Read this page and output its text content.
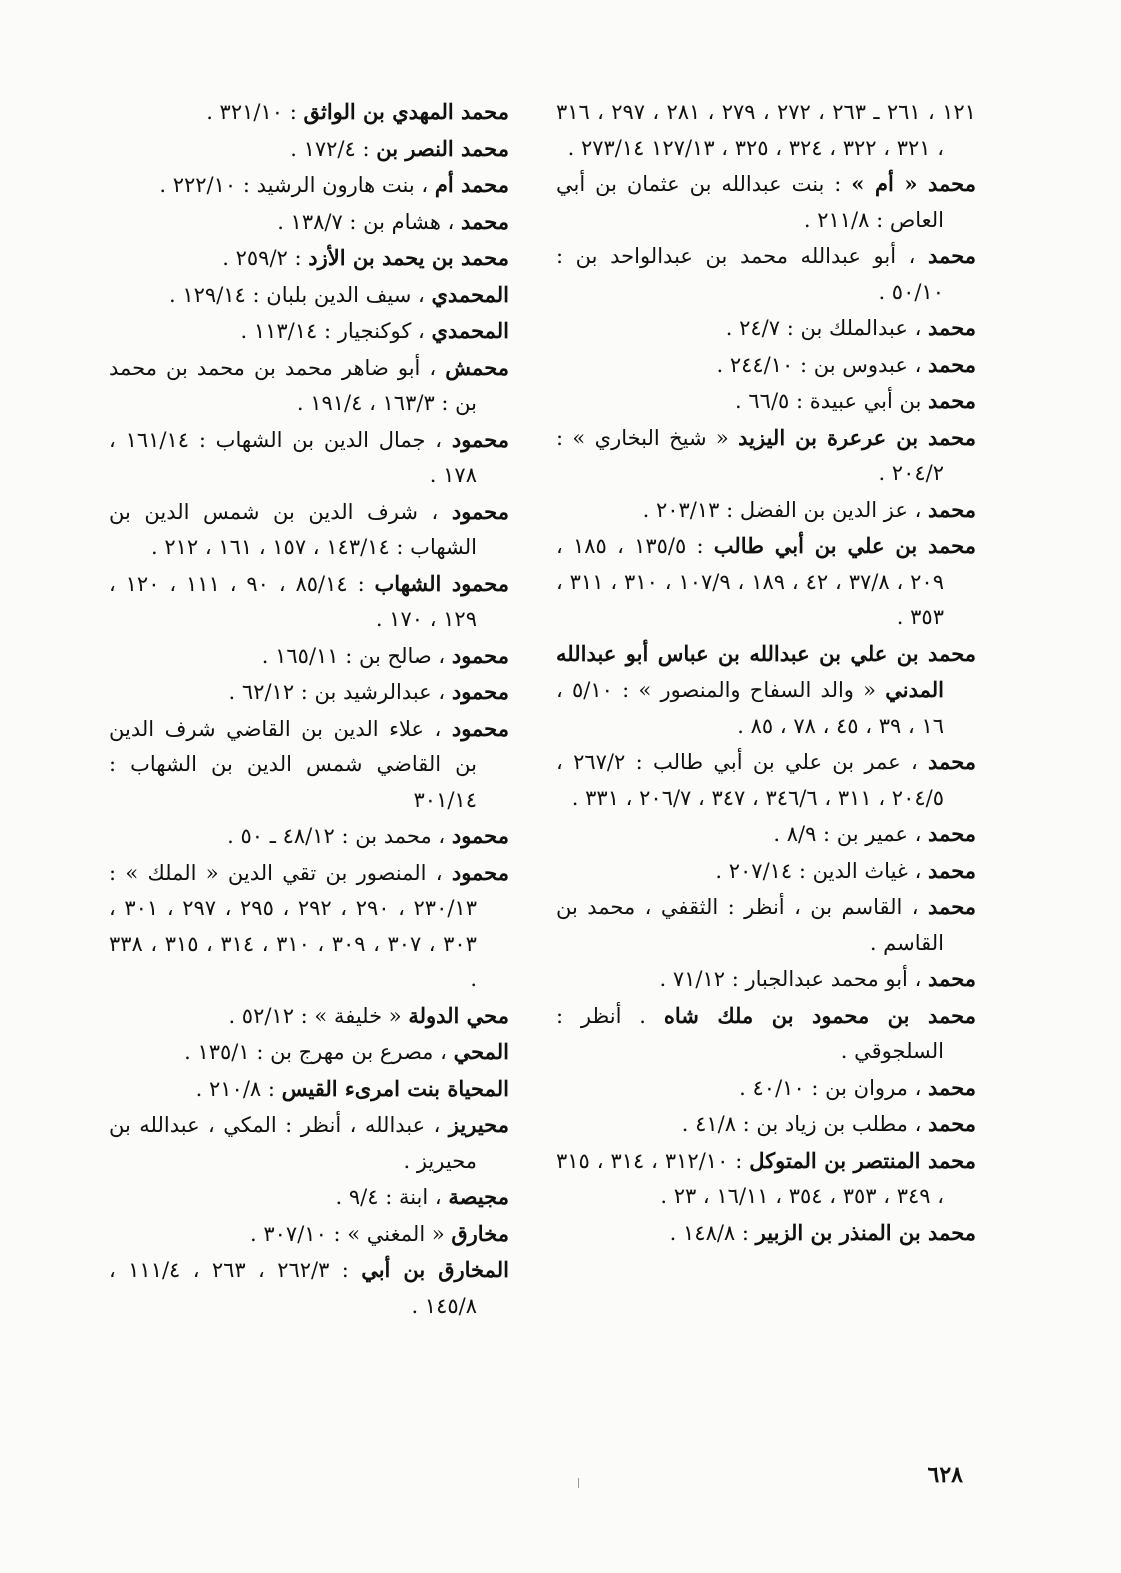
١٢١ ، ٢٦١ ـ ٢٦٣ ، ٢٧٢ ، ٢٧٩ ، ٢٨١ ، ٢٩٧ ، ٣١٦ ، ٣٢١ ، ٣٢٢ ، ٣٢٤ ، ٣٢٥ ، ١٢٧/١٣ ٢٧٣/١٤ .

محمد « أم » : بنت عبدالله بن عثمان بن أبي العاص : ٢١١/٨ .

محمد ، أبو عبدالله محمد بن عبدالواحد بن : ٥٠/١٠ .

محمد ، عبدالملك بن : ٢٤/٧ .

محمد ، عبدوس بن : ٢٤٤/١٠ .

محمد بن أبي عبيدة : ٦٦/٥ .

محمد بن عرعرة بن اليزيد « شيخ البخاري » : ٢٠٤/٢ .

محمد ، عز الدين بن الفضل : ٢٠٣/١٣ .

محمد بن علي بن أبي طالب : ١٣٥/٥ ، ١٨٥ ، ٢٠٩ ، ٣٧/٨ ، ٤٢ ، ١٨٩ ، ١٠٧/٩ ، ٣١٠ ، ٣١١ ، ٣٥٣ .

محمد بن علي بن عبدالله بن عباس أبو عبدالله المدني « والد السفاح والمنصور » : ٥/١٠ ، ١٦ ، ٣٩ ، ٤٥ ، ٧٨ ، ٨٥ .

محمد ، عمر بن علي بن أبي طالب : ٢٦٧/٢ ، ٢٠٤/٥ ، ٣١١ ، ٣٤٦/٦ ، ٣٤٧ ، ٢٠٦/٧ ، ٣٣١ .

محمد ، عمير بن : ٨/٩ .

محمد ، غياث الدين : ٢٠٧/١٤ .

محمد ، القاسم بن ، أنظر : الثقفي ، محمد بن القاسم .

محمد ، أبو محمد عبدالجبار : ٧١/١٢ .

محمد بن محمود بن ملك شاه . أنظر : السلجوقي .

محمد ، مروان بن : ٤٠/١٠ .

محمد ، مطلب بن زياد بن : ٤١/٨ .

محمد المنتصر بن المتوكل : ٣١٢/١٠ ، ٣١٤ ، ٣١٥ ، ٣٤٩ ، ٣٥٣ ، ٣٥٤ ، ١٦/١١ ، ٢٣ .

محمد بن المنذر بن الزبير : ١٤٨/٨ .

محمد المهدي بن الواثق : ٣٢١/١٠ .

محمد النصر بن : ١٧٢/٤ .

محمد أم ، بنت هارون الرشيد : ٢٢٢/١٠ .

محمد ، هشام بن : ١٣٨/٧ .

محمد بن يحمد بن الأزد : ٢٥٩/٢ .

المحمدي ، سيف الدين بلبان : ١٢٩/١٤ .

المحمدي ، كوكنجيار : ١١٣/١٤ .

محمش ، أبو ضاهر محمد بن محمد بن محمد بن : ١٦٣/٣ ، ١٩١/٤ .

محمود ، جمال الدين بن الشهاب : ١٦١/١٤ ، ١٧٨ .

محمود ، شرف الدين بن شمس الدين بن الشهاب : ١٤٣/١٤ ، ١٥٧ ، ١٦١ ، ٢١٢ .

محمود الشهاب : ٨٥/١٤ ، ٩٠ ، ١١١ ، ١٢٠ ، ١٢٩ ، ١٧٠ .

محمود ، صالح بن : ١٦٥/١١ .

محمود ، عبدالرشيد بن : ٦٢/١٢ .

محمود ، علاء الدين بن القاضي شرف الدين بن القاضي شمس الدين بن الشهاب : ٣٠١/١٤

محمود ، محمد بن : ٤٨/١٢ ـ ٥٠ .

محمود ، المنصور بن تقي الدين « الملك » : ٢٣٠/١٣ ، ٢٩٠ ، ٢٩٢ ، ٢٩٥ ، ٢٩٧ ، ٣٠١ ، ٣٠٣ ، ٣٠٧ ، ٣٠٩ ، ٣١٠ ، ٣١٤ ، ٣١٥ ، ٣٣٨ .

محي الدولة « خليفة » : ٥٢/١٢ .

المحي ، مصرع بن مهرج بن : ١٣٥/١ .

المحياة بنت امرىء القيس : ٢١٠/٨ .

محيريز ، عبدالله ، أنظر : المكي ، عبدالله بن محيريز .

مجيصة ، ابنة : ٩/٤ .

مخارق « المغني » : ٣٠٧/١٠ .

المخارق بن أبي : ٢٦٢/٣ ، ٢٦٣ ، ١١١/٤ ، ١٤٥/٨ .

٦٢٨
